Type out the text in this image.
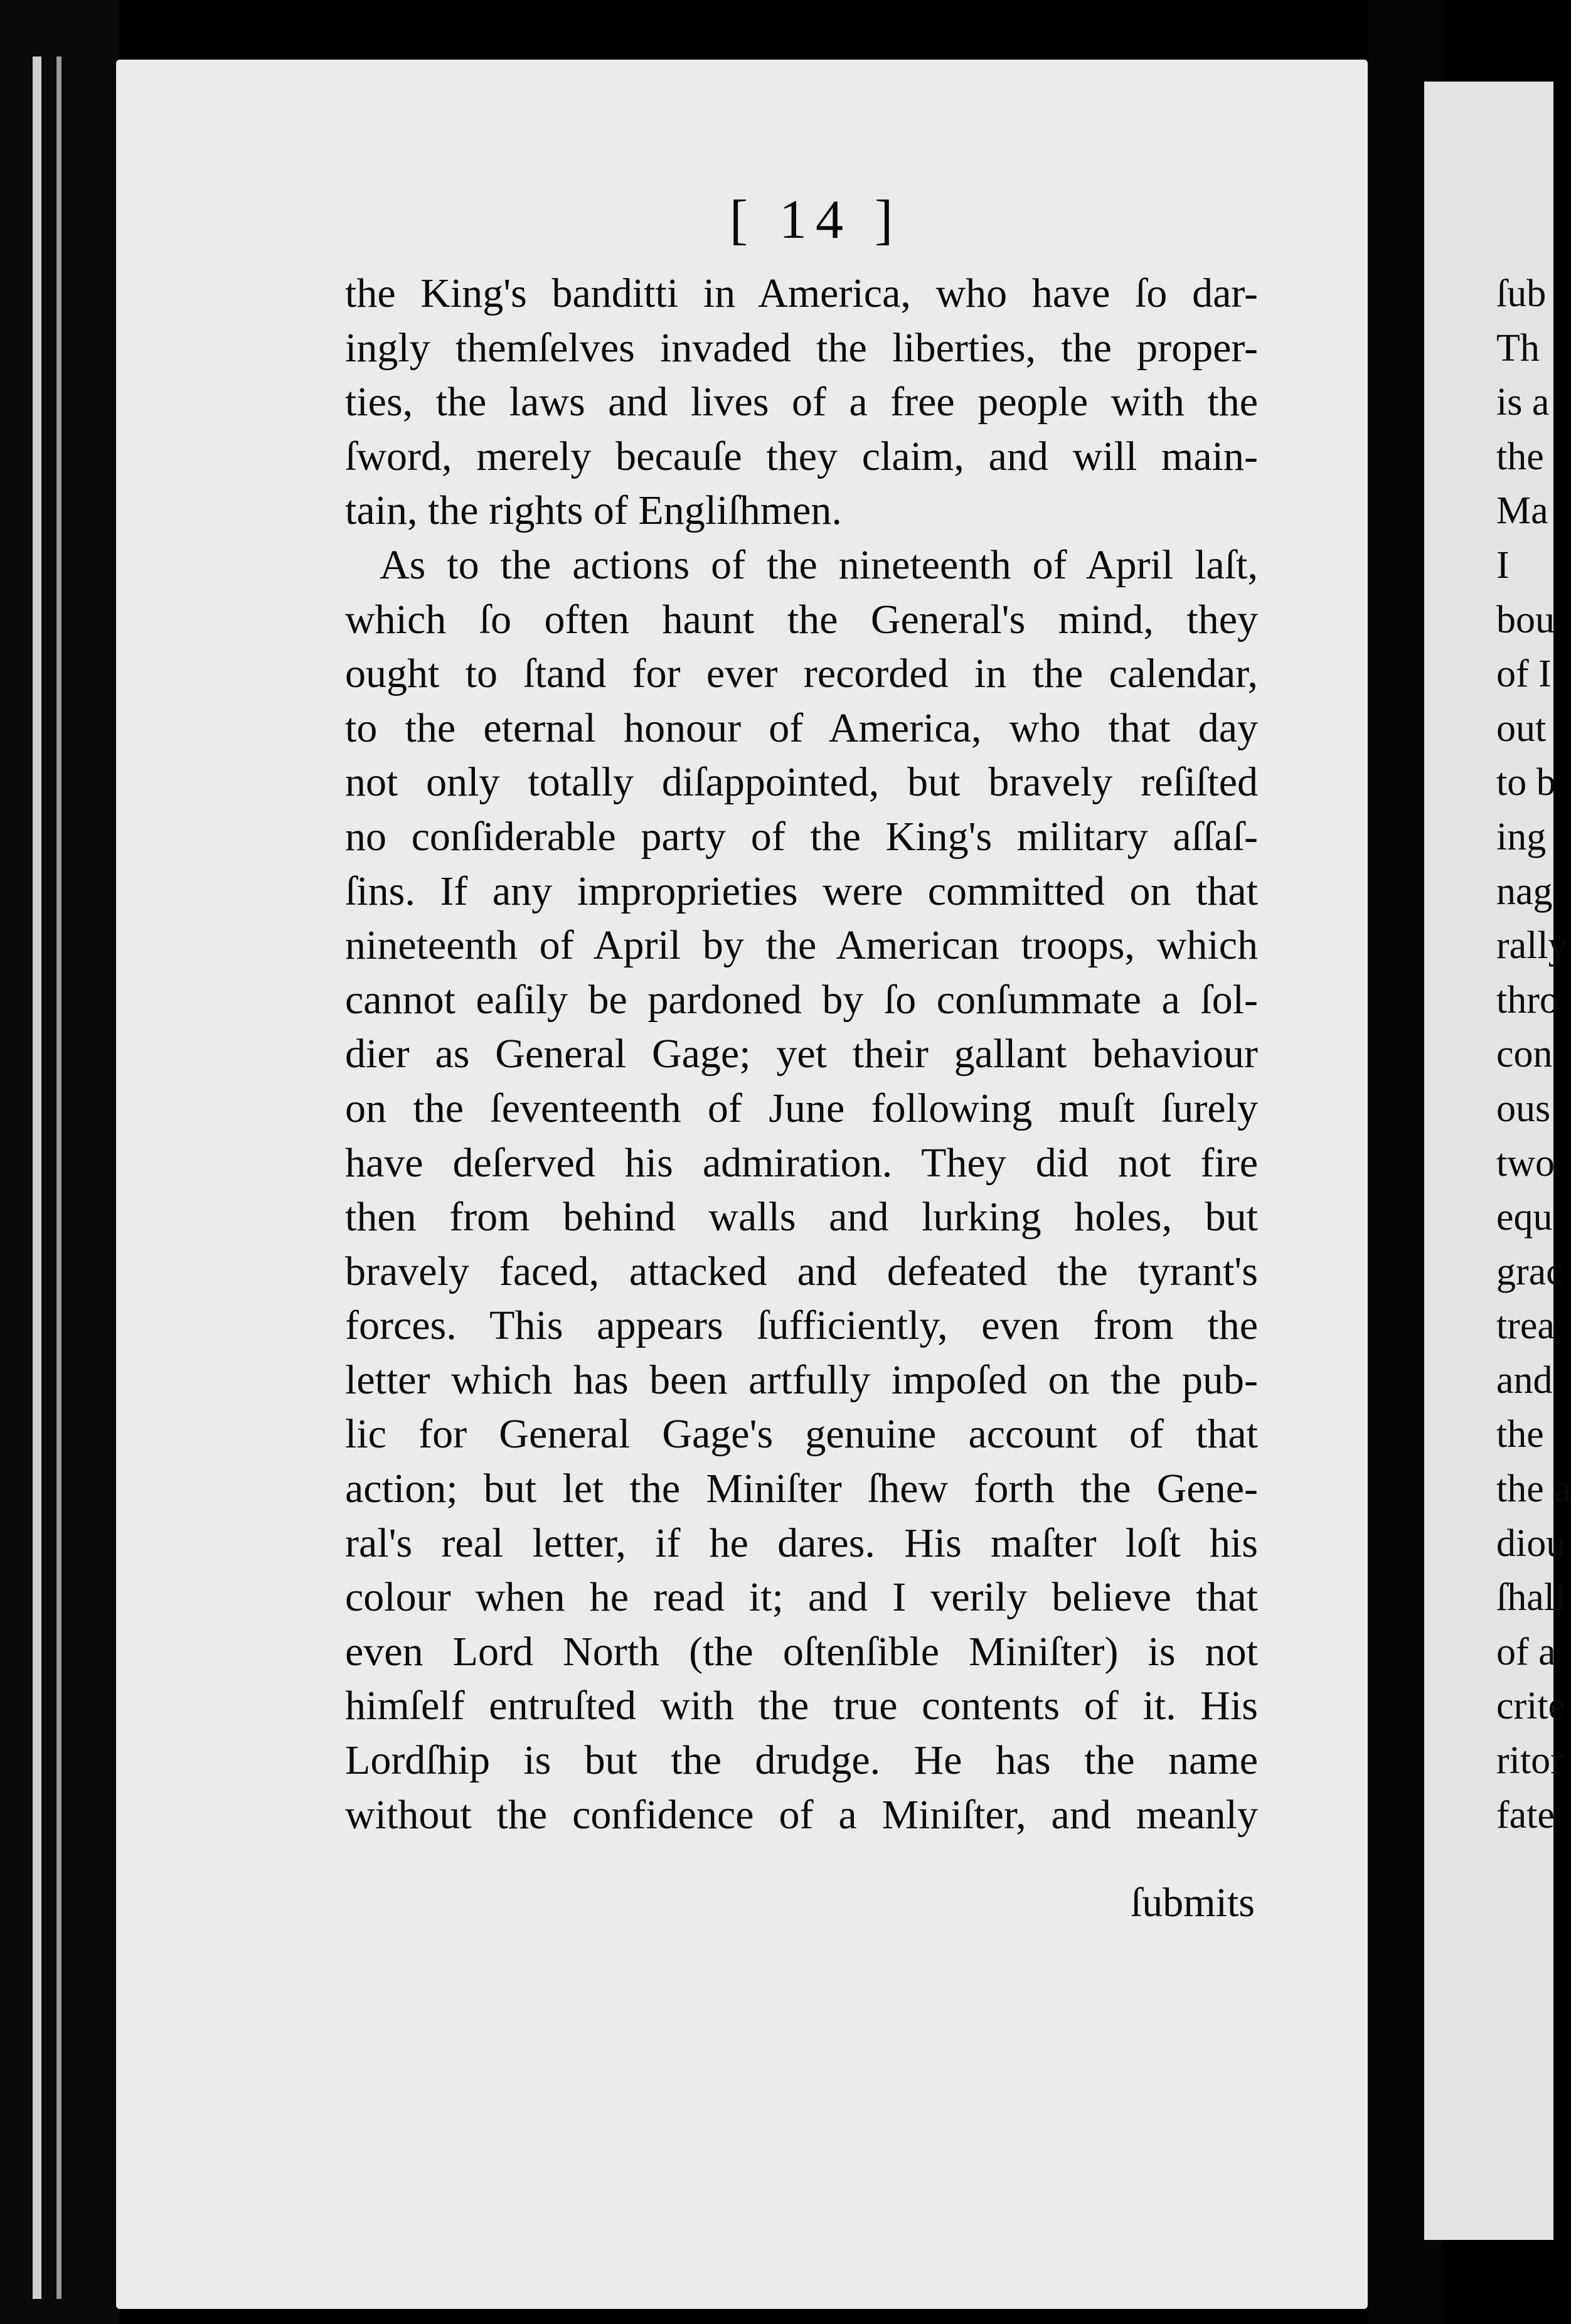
[ 14 ]
the King's banditti in America, who have ſo dar-
ingly themſelves invaded the liberties, the proper-
ties, the laws and lives of a free people with the
ſword, merely becauſe they claim, and will main-
tain, the rights of Engliſhmen.
As to the actions of the nineteenth of April laſt,
which ſo often haunt the General's mind, they
ought to ſtand for ever recorded in the calendar,
to the eternal honour of America, who that day
not only totally diſappointed, but bravely reſiſted
no conſiderable party of the King's military aſſaſ-
ſins. If any improprieties were committed on that
nineteenth of April by the American troops, which
cannot eaſily be pardoned by ſo conſummate a ſol-
dier as General Gage; yet their gallant behaviour
on the ſeventeenth of June following muſt ſurely
have deſerved his admiration. They did not fire
then from behind walls and lurking holes, but
bravely faced, attacked and defeated the tyrant's
forces. This appears ſufficiently, even from the
letter which has been artfully impoſed on the pub-
lic for General Gage's genuine account of that
action; but let the Miniſter ſhew forth the Gene-
ral's real letter, if he dares. His maſter loſt his
colour when he read it; and I verily believe that
even Lord North (the oſtenſible Miniſter) is not
himſelf entruſted with the true contents of it. His
Lordſhip is but the drudge. He has the name
without the confidence of a Miniſter, and meanly
ſubmits
ſub
Th
is a
the
Ma
I
bou
of I
out
to b
ing
nag
rally
thro
con
ous
two
equ
grac
trea
and
the
the a
diou
ſhall
of a
crite
ritor
fate
